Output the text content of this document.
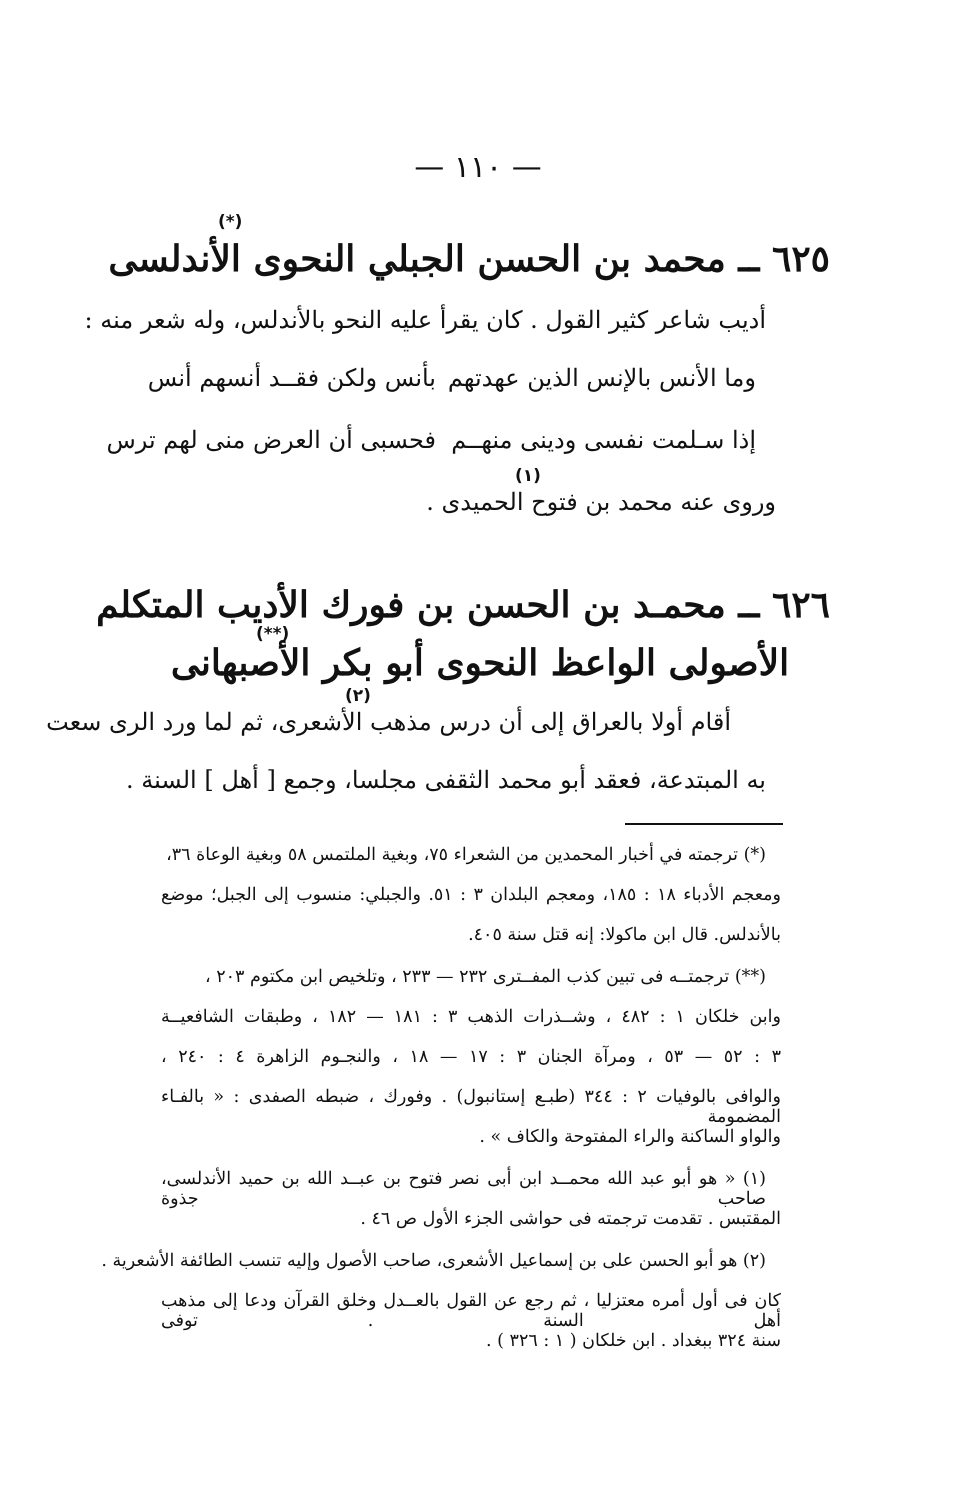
— ١١٠ —
(*)
٦٢٥ ــ محمد بن الحسن الجبلي النحوى الأندلسى
أديب شاعر كثير القول . كان يقرأ عليه النحو بالأندلس، وله شعر منه :
وما الأنس بالإنس الذين عهدتهم
بأنس ولكن فقــد أنسهم أنس
إذا سـلمت نفسى ودينى منهــم
فحسبى أن العرض منى لهم ترس
(١)
وروى عنه محمد بن فتوح الحميدى .
٦٢٦ ــ محمـد بن الحسن بن فورك الأديب المتكلم
(**)
الأصولى الواعظ النحوى أبو بكر الأصبهانى
(٢)
أقام أولا بالعراق إلى أن درس مذهب الأشعرى، ثم لما ورد الرى سعت
به المبتدعة، فعقد أبو محمد الثقفى مجلسا، وجمع [ أهل ] السنة .
(*) ترجمته في أخبار المحمدين من الشعراء ٧٥، وبغية الملتمس ٥٨ وبغية الوعاة ٣٦،
ومعجم الأدباء ١٨ : ١٨٥، ومعجم البلدان ٣ : ٥١. والجبلي: منسوب إلى الجبل؛ موضع
بالأندلس. قال ابن ماكولا: إنه قتل سنة ٤٠٥.
(**) ترجمتــه فى تبين كذب المفــترى ٢٣٢ — ٢٣٣ ، وتلخيص ابن مكتوم ٢٠٣ ،
وابن خلكان ١ : ٤٨٢ ، وشــذرات الذهب ٣ : ١٨١ — ١٨٢ ، وطبقات الشافعيــة
٣ : ٥٢ — ٥٣ ، ومرآة الجنان ٣ : ١٧ — ١٨ ، والنجـوم الزاهرة ٤ : ٢٤٠ ،
والوافى بالوفيات ٢ : ٣٤٤ (طبـع إستانبول) . وفورك ، ضبطه الصفدى : « بالفـاء المضمومة
والواو الساكنة والراء المفتوحة والكاف » .
(١) « هو أبو عبد الله محمــد ابن أبى نصر فتوح بن عبــد الله بن حميد الأندلسى، صاحب جذوة
المقتبس . تقدمت ترجمته فى حواشى الجزء الأول ص ٤٦ .
(٢) هو أبو الحسن على بن إسماعيل الأشعرى، صاحب الأصول وإليه تنسب الطائفة الأشعرية .
كان فى أول أمره معتزليا ، ثم رجع عن القول بالعــدل وخلق القرآن ودعا إلى مذهب أهل السنة . توفى
سنة ٣٢٤ ببغداد . ابن خلكان ( ١ : ٣٢٦ ) .
